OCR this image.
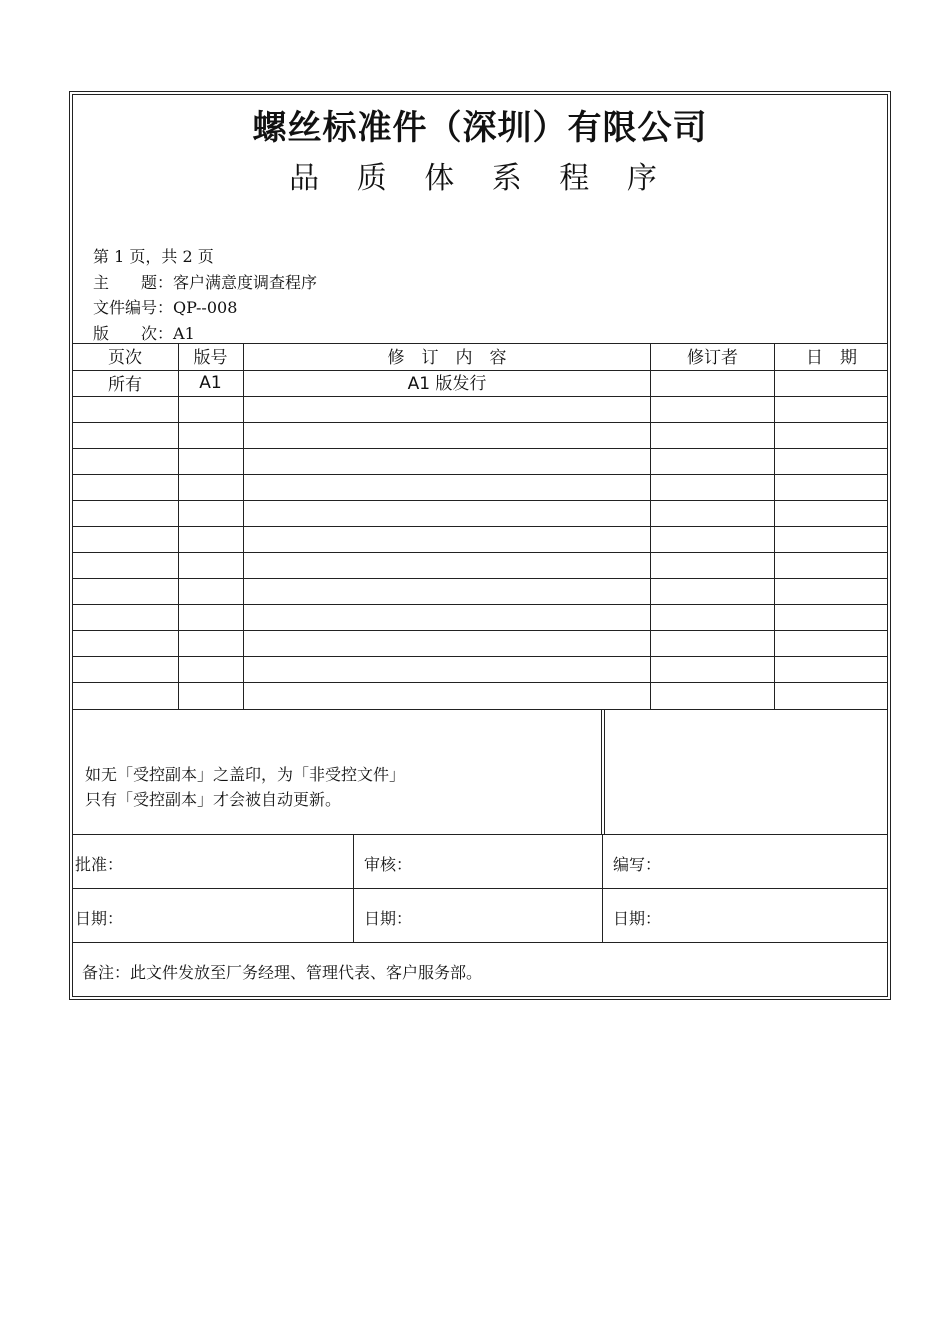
螺丝标准件（深圳）有限公司
品 质 体 系 程 序
第 1 页，共 2 页
主　　题：客户满意度调查程序
文件编号：QP--008
版　　次：A1
页次	版号	修　订　内　容	修订者	日　期
所有	A1	A1 版发行
如无「受控副本」之盖印，为「非受控文件」
只有「受控副本」才会被自动更新。
批准：	审核：	编写：
日期：	日期：	日期：
备注：此文件发放至厂务经理、管理代表、客户服务部。
